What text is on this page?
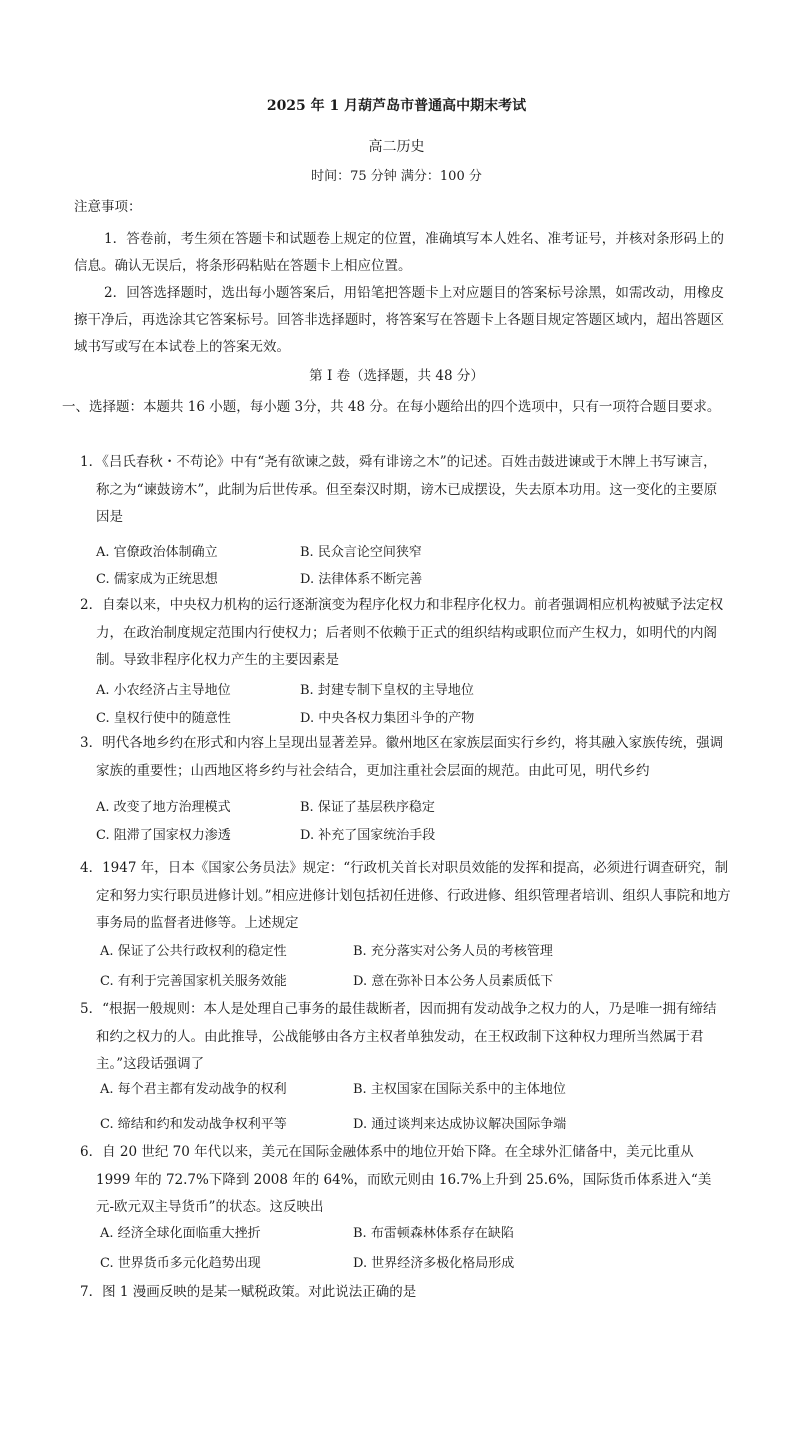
2025 年 1 月葫芦岛市普通高中期末考试
高二历史
时间：75 分钟 满分：100 分
注意事项：
1．答卷前，考生须在答题卡和试题卷上规定的位置，准确填写本人姓名、准考证号，并核对条形码上的信息。确认无误后，将条形码粘贴在答题卡上相应位置。
2．回答选择题时，选出每小题答案后，用铅笔把答题卡上对应题目的答案标号涂黑，如需改动，用橡皮擦干净后，再选涂其它答案标号。回答非选择题时，将答案写在答题卡上各题目规定答题区域内，超出答题区域书写或写在本试卷上的答案无效。
第 I 卷（选择题，共 48 分）
一、选择题：本题共 16 小题，每小题 3分，共 48 分。在每小题给出的四个选项中，只有一项符合题目要求。
1．《吕氏春秋・不苟论》中有“尧有欲谏之鼓，舜有诽谤之木”的记述。百姓击鼓进谏或于木牌上书写谏言，称之为“谏鼓谤木”，此制为后世传承。但至秦汉时期，谤木已成摆设，失去原本功用。这一变化的主要原因是
A. 官僚政治体制确立	B. 民众言论空间狭窄
C. 儒家成为正统思想	D. 法律体系不断完善
2．自秦以来，中央权力机构的运行逐渐演变为程序化权力和非程序化权力。前者强调相应机构被赋予法定权力，在政治制度规定范围内行使权力；后者则不依赖于正式的组织结构或职位而产生权力，如明代的内阁制。导致非程序化权力产生的主要因素是
A. 小农经济占主导地位	B. 封建专制下皇权的主导地位
C. 皇权行使中的随意性	D. 中央各权力集团斗争的产物
3．明代各地乡约在形式和内容上呈现出显著差异。徽州地区在家族层面实行乡约，将其融入家族传统，强调家族的重要性；山西地区将乡约与社会结合，更加注重社会层面的规范。由此可见，明代乡约
A. 改变了地方治理模式	B. 保证了基层秩序稳定
C. 阻滞了国家权力渗透	D. 补充了国家统治手段
4．1947 年，日本《国家公务员法》规定：“行政机关首长对职员效能的发挥和提高，必须进行调查研究，制定和努力实行职员进修计划。”相应进修计划包括初任进修、行政进修、组织管理者培训、组织人事院和地方事务局的监督者进修等。上述规定
A. 保证了公共行政权利的稳定性	B. 充分落实对公务人员的考核管理
C. 有利于完善国家机关服务效能	D. 意在弥补日本公务人员素质低下
5．“根据一般规则：本人是处理自己事务的最佳裁断者，因而拥有发动战争之权力的人，乃是唯一拥有缔结和约之权力的人。由此推导，公战能够由各方主权者单独发动，在王权政制下这种权力理所当然属于君主。”这段话强调了
A. 每个君主都有发动战争的权利	B. 主权国家在国际关系中的主体地位
C. 缔结和约和发动战争权利平等	D. 通过谈判来达成协议解决国际争端
6．自 20 世纪 70 年代以来，美元在国际金融体系中的地位开始下降。在全球外汇储备中，美元比重从 1999 年的 72.7%下降到 2008 年的 64%，而欧元则由 16.7%上升到 25.6%，国际货币体系进入“美元-欧元双主导货币”的状态。这反映出
A. 经济全球化面临重大挫折	B. 布雷顿森林体系存在缺陷
C. 世界货币多元化趋势出现	D. 世界经济多极化格局形成
7．图 1 漫画反映的是某一赋税政策。对此说法正确的是
